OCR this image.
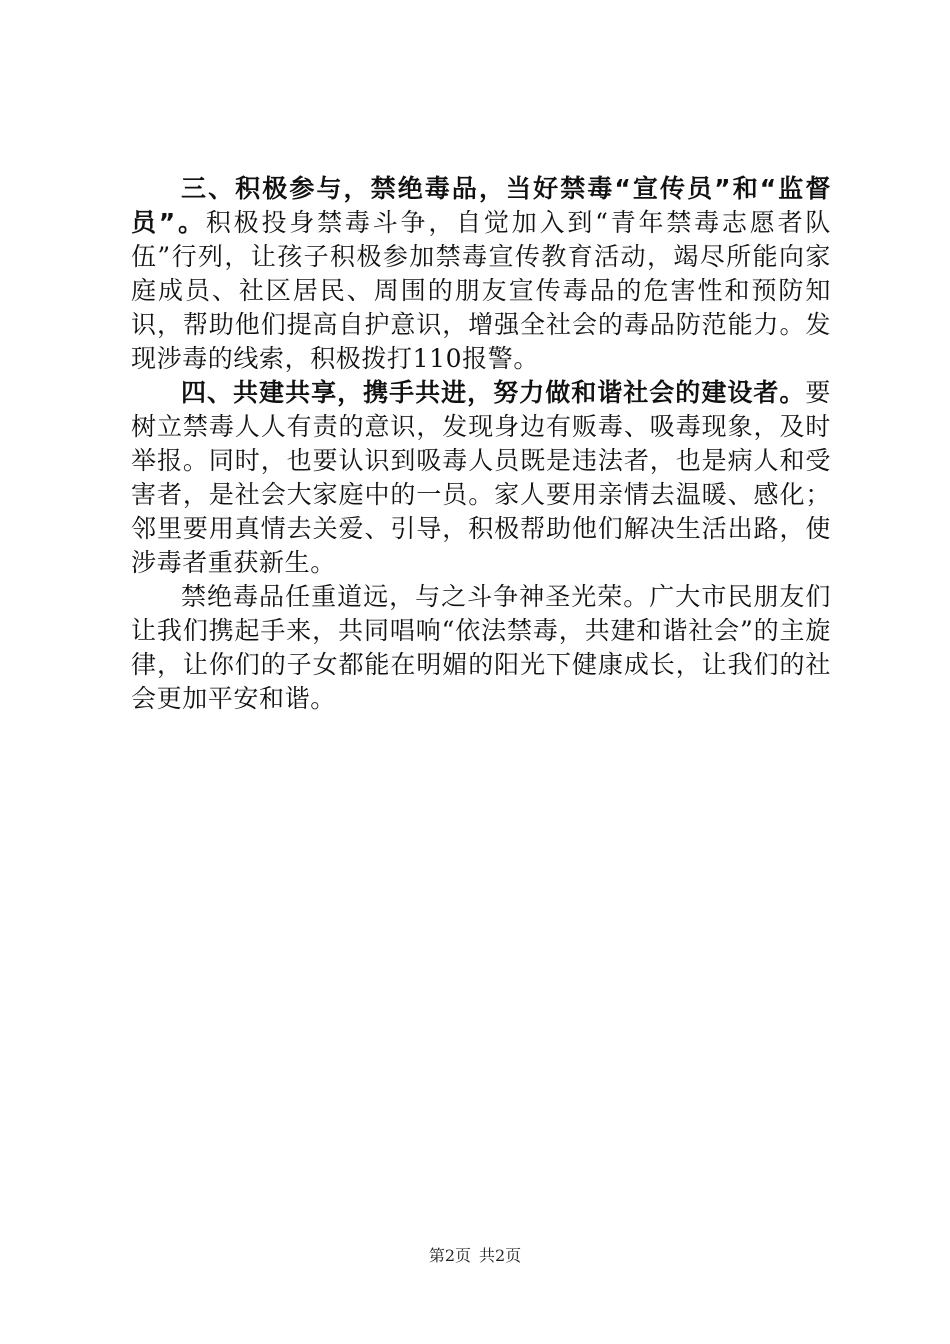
三、积极参与，禁绝毒品，当好禁毒“宣传员”和“监督员”。积极投身禁毒斗争，自觉加入到“青年禁毒志愿者队伍”行列，让孩子积极参加禁毒宣传教育活动，竭尽所能向家庭成员、社区居民、周围的朋友宣传毒品的危害性和预防知识，帮助他们提高自护意识，增强全社会的毒品防范能力。发现涉毒的线索，积极拨打110报警。

四、共建共享，携手共进，努力做和谐社会的建设者。要树立禁毒人人有责的意识，发现身边有贩毒、吸毒现象，及时举报。同时，也要认识到吸毒人员既是违法者，也是病人和受害者，是社会大家庭中的一员。家人要用亲情去温暖、感化；邻里要用真情去关爱、引导，积极帮助他们解决生活出路，使涉毒者重获新生。

禁绝毒品任重道远，与之斗争神圣光荣。广大市民朋友们让我们携起手来，共同唱响“依法禁毒，共建和谐社会”的主旋律，让你们的子女都能在明媚的阳光下健康成长，让我们的社会更加平安和谐。

第2页 共2页
